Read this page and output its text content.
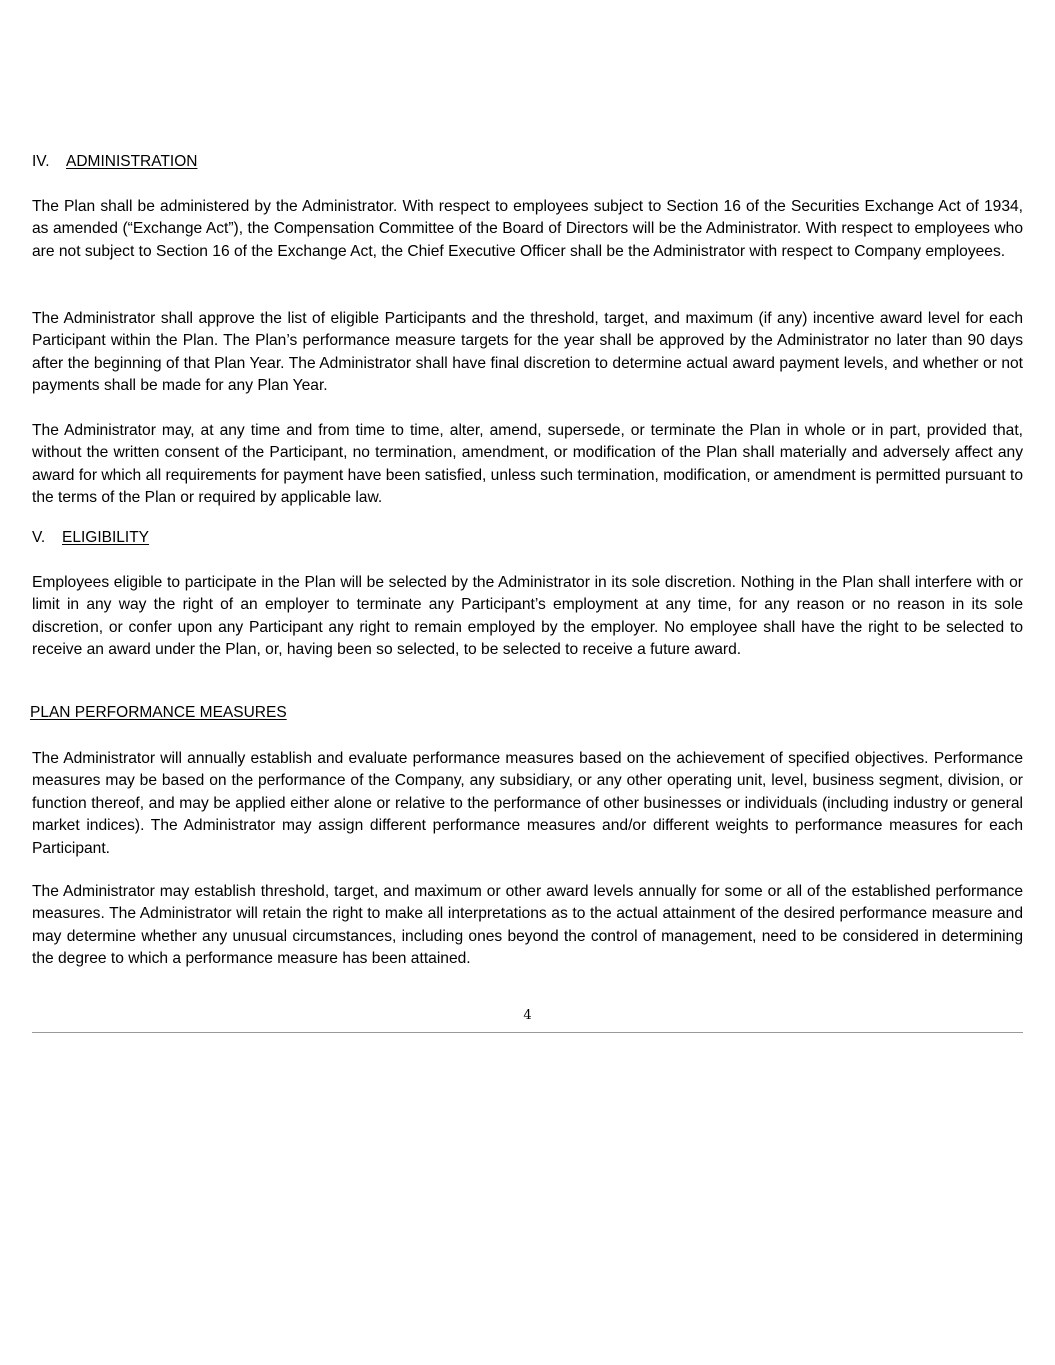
IV. ADMINISTRATION

The Plan shall be administered by the Administrator. With respect to employees subject to Section 16 of the Securities Exchange Act of 1934, as amended (“Exchange Act”), the Compensation Committee of the Board of Directors will be the Administrator. With respect to employees who are not subject to Section 16 of the Exchange Act, the Chief Executive Officer shall be the Administrator with respect to Company employees.

The Administrator shall approve the list of eligible Participants and the threshold, target, and maximum (if any) incentive award level for each Participant within the Plan. The Plan’s performance measure targets for the year shall be approved by the Administrator no later than 90 days after the beginning of that Plan Year. The Administrator shall have final discretion to determine actual award payment levels, and whether or not payments shall be made for any Plan Year.

The Administrator may, at any time and from time to time, alter, amend, supersede, or terminate the Plan in whole or in part, provided that, without the written consent of the Participant, no termination, amendment, or modification of the Plan shall materially and adversely affect any award for which all requirements for payment have been satisfied, unless such termination, modification, or amendment is permitted pursuant to the terms of the Plan or required by applicable law.

V. ELIGIBILITY

Employees eligible to participate in the Plan will be selected by the Administrator in its sole discretion. Nothing in the Plan shall interfere with or limit in any way the right of an employer to terminate any Participant’s employment at any time, for any reason or no reason in its sole discretion, or confer upon any Participant any right to remain employed by the employer. No employee shall have the right to be selected to receive an award under the Plan, or, having been so selected, to be selected to receive a future award.

PLAN PERFORMANCE MEASURES

The Administrator will annually establish and evaluate performance measures based on the achievement of specified objectives. Performance measures may be based on the performance of the Company, any subsidiary, or any other operating unit, level, business segment, division, or function thereof, and may be applied either alone or relative to the performance of other businesses or individuals (including industry or general market indices). The Administrator may assign different performance measures and/or different weights to performance measures for each Participant.

The Administrator may establish threshold, target, and maximum or other award levels annually for some or all of the established performance measures. The Administrator will retain the right to make all interpretations as to the actual attainment of the desired performance measure and may determine whether any unusual circumstances, including ones beyond the control of management, need to be considered in determining the degree to which a performance measure has been attained.

4
